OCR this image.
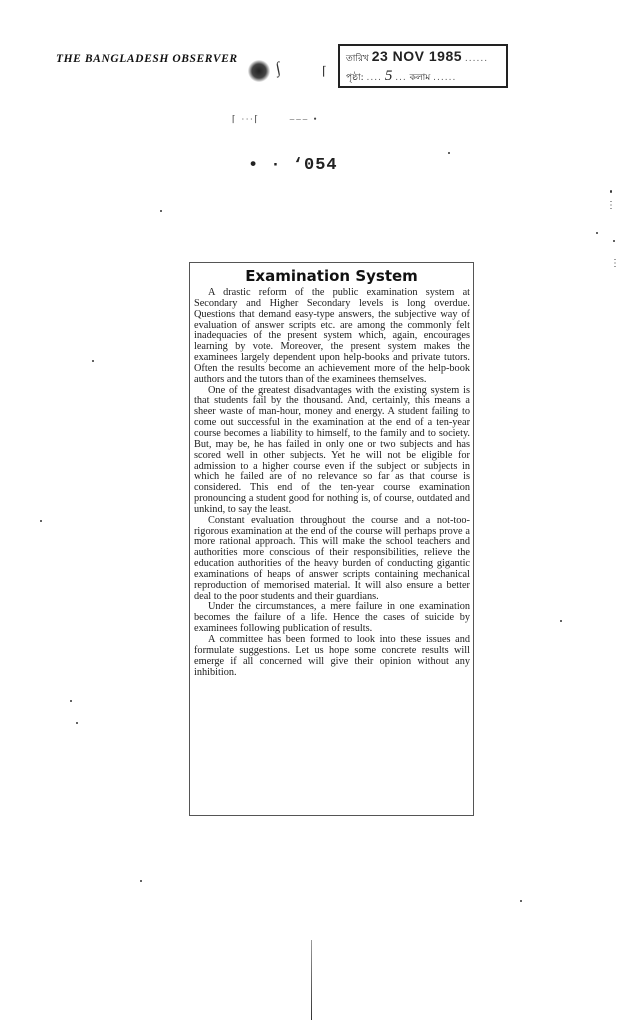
THE BANGLADESH OBSERVER
∫	⌈
তারিখ 23 NOV 1985 ......
পৃষ্ঠা: .... 5 ... কলাম ......
⌈ ∙∙∙⌈       ––– •
• · ‘054
Examination System

A drastic reform of the public examination system at Secondary and Higher Secondary levels is long overdue. Questions that demand easy-type answers, the subjective way of evaluation of answer scripts etc. are among the commonly felt inadequacies of the present system which, again, encourages learning by vote. Moreover, the present system makes the examinees largely dependent upon help-books and private tutors. Often the results become an achievement more of the help-book authors and the tutors than of the examinees themselves.

One of the greatest disadvantages with the existing system is that students fail by the thousand. And, certainly, this means a sheer waste of man-hour, money and energy. A student failing to come out successful in the examination at the end of a ten-year course becomes a liability to himself, to the family and to society. But, may be, he has failed in only one or two subjects and has scored well in other subjects. Yet he will not be eligible for admission to a higher course even if the subject or subjects in which he failed are of no relevance so far as that course is considered. This end of the ten-year course examination pronouncing a student good for nothing is, of course, outdated and unkind, to say the least.

Constant evaluation throughout the course and a not-too-rigorous examination at the end of the course will perhaps prove a more rational approach. This will make the school teachers and authorities more conscious of their responsibilities, relieve the education authorities of the heavy burden of conducting gigantic examinations of heaps of answer scripts containing mechanical reproduction of memorised material. It will also ensure a better deal to the poor students and their guardians.

Under the circumstances, a mere failure in one examination becomes the failure of a life. Hence the cases of suicide by examinees following publication of results.

A committee has been formed to look into these issues and formulate suggestions. Let us hope some concrete results will emerge if all concerned will give their opinion without any inhibition.

⋮
⋮
